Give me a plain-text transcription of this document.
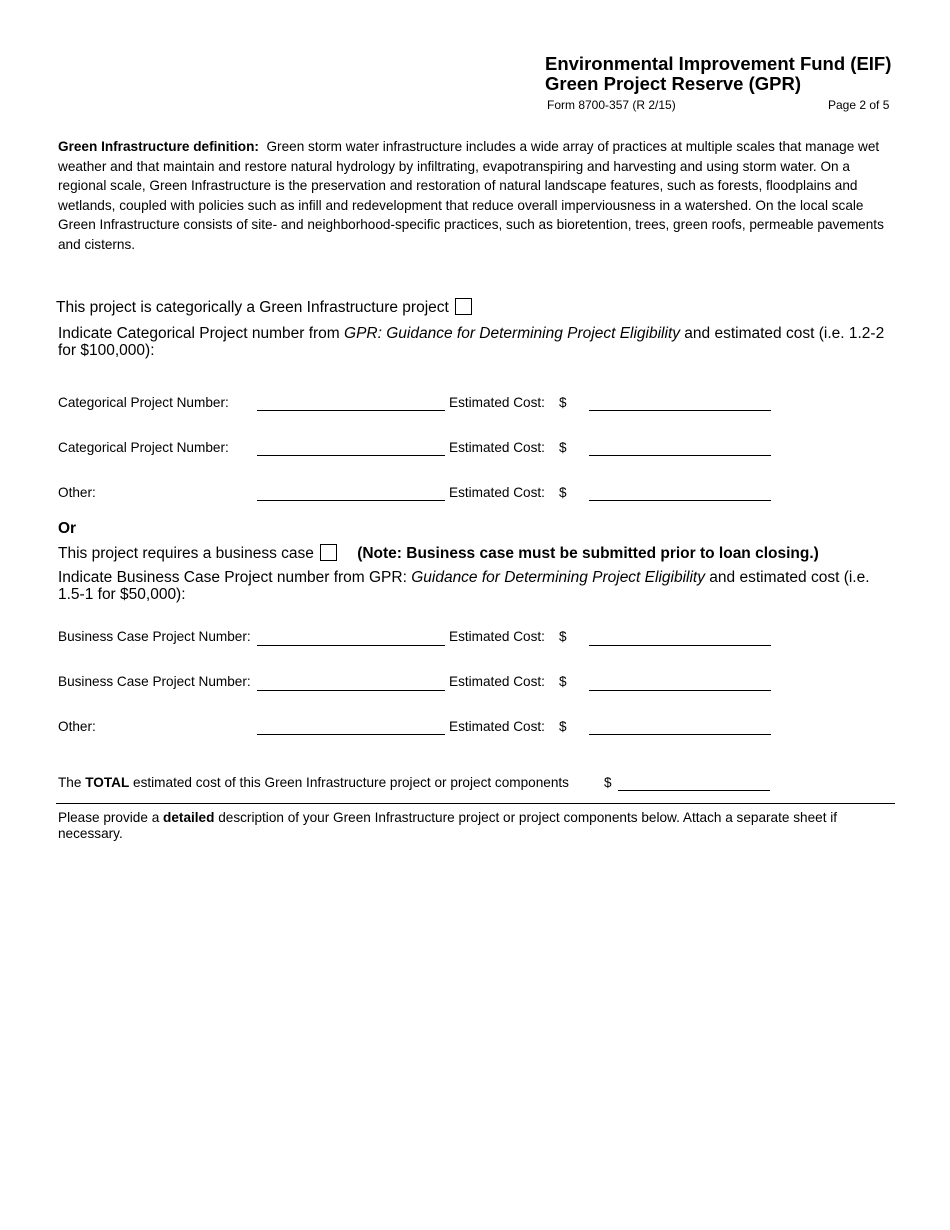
Environmental Improvement Fund (EIF)
Green Project Reserve (GPR)
Form 8700-357 (R 2/15)	Page 2 of 5
Green Infrastructure definition: Green storm water infrastructure includes a wide array of practices at multiple scales that manage wet weather and that maintain and restore natural hydrology by infiltrating, evapotranspiring and harvesting and using storm water. On a regional scale, Green Infrastructure is the preservation and restoration of natural landscape features, such as forests, floodplains and wetlands, coupled with policies such as infill and redevelopment that reduce overall imperviousness in a watershed. On the local scale Green Infrastructure consists of site- and neighborhood-specific practices, such as bioretention, trees, green roofs, permeable pavements and cisterns.
This project is categorically a Green Infrastructure project
Indicate Categorical Project number from GPR: Guidance for Determining Project Eligibility and estimated cost (i.e. 1.2-2 for $100,000):
Categorical Project Number:	Estimated Cost: $
Categorical Project Number:	Estimated Cost: $
Other:	Estimated Cost: $
Or
This project requires a business case	(Note: Business case must be submitted prior to loan closing.)
Indicate Business Case Project number from GPR: Guidance for Determining Project Eligibility and estimated cost (i.e. 1.5-1 for $50,000):
Business Case Project Number:	Estimated Cost: $
Business Case Project Number:	Estimated Cost: $
Other:	Estimated Cost: $
The TOTAL estimated cost of this Green Infrastructure project or project components	$
Please provide a detailed description of your Green Infrastructure project or project components below. Attach a separate sheet if necessary.
